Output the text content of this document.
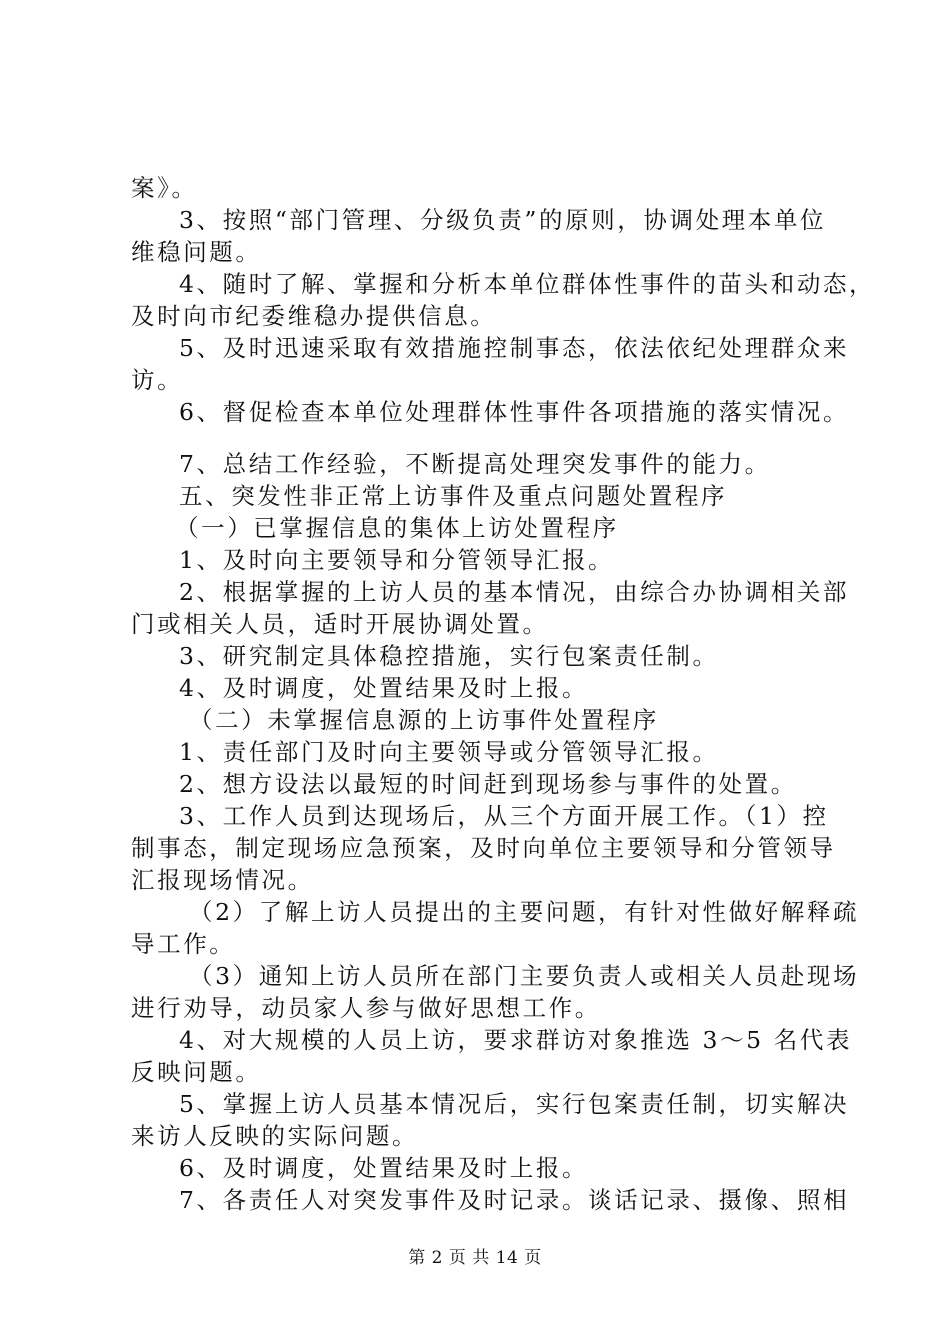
案》。
3、按照“部门管理、分级负责”的原则，协调处理本单位
维稳问题。
4、随时了解、掌握和分析本单位群体性事件的苗头和动态，
及时向市纪委维稳办提供信息。
5、及时迅速采取有效措施控制事态，依法依纪处理群众来
访。
6、督促检查本单位处理群体性事件各项措施的落实情况。
7、总结工作经验，不断提高处理突发事件的能力。
五、突发性非正常上访事件及重点问题处置程序
（一）已掌握信息的集体上访处置程序
1、及时向主要领导和分管领导汇报。
2、根据掌握的上访人员的基本情况，由综合办协调相关部
门或相关人员，适时开展协调处置。
3、研究制定具体稳控措施，实行包案责任制。
4、及时调度，处置结果及时上报。
（二）未掌握信息源的上访事件处置程序
1、责任部门及时向主要领导或分管领导汇报。
2、想方设法以最短的时间赶到现场参与事件的处置。
3、工作人员到达现场后，从三个方面开展工作。（1）控
制事态，制定现场应急预案，及时向单位主要领导和分管领导
汇报现场情况。
（2）了解上访人员提出的主要问题，有针对性做好解释疏
导工作。
（3）通知上访人员所在部门主要负责人或相关人员赴现场
进行劝导，动员家人参与做好思想工作。
4、对大规模的人员上访，要求群访对象推选 3～5 名代表
反映问题。
5、掌握上访人员基本情况后，实行包案责任制，切实解决
来访人反映的实际问题。
6、及时调度，处置结果及时上报。
7、各责任人对突发事件及时记录。谈话记录、摄像、照相
第 2 页 共 14 页
